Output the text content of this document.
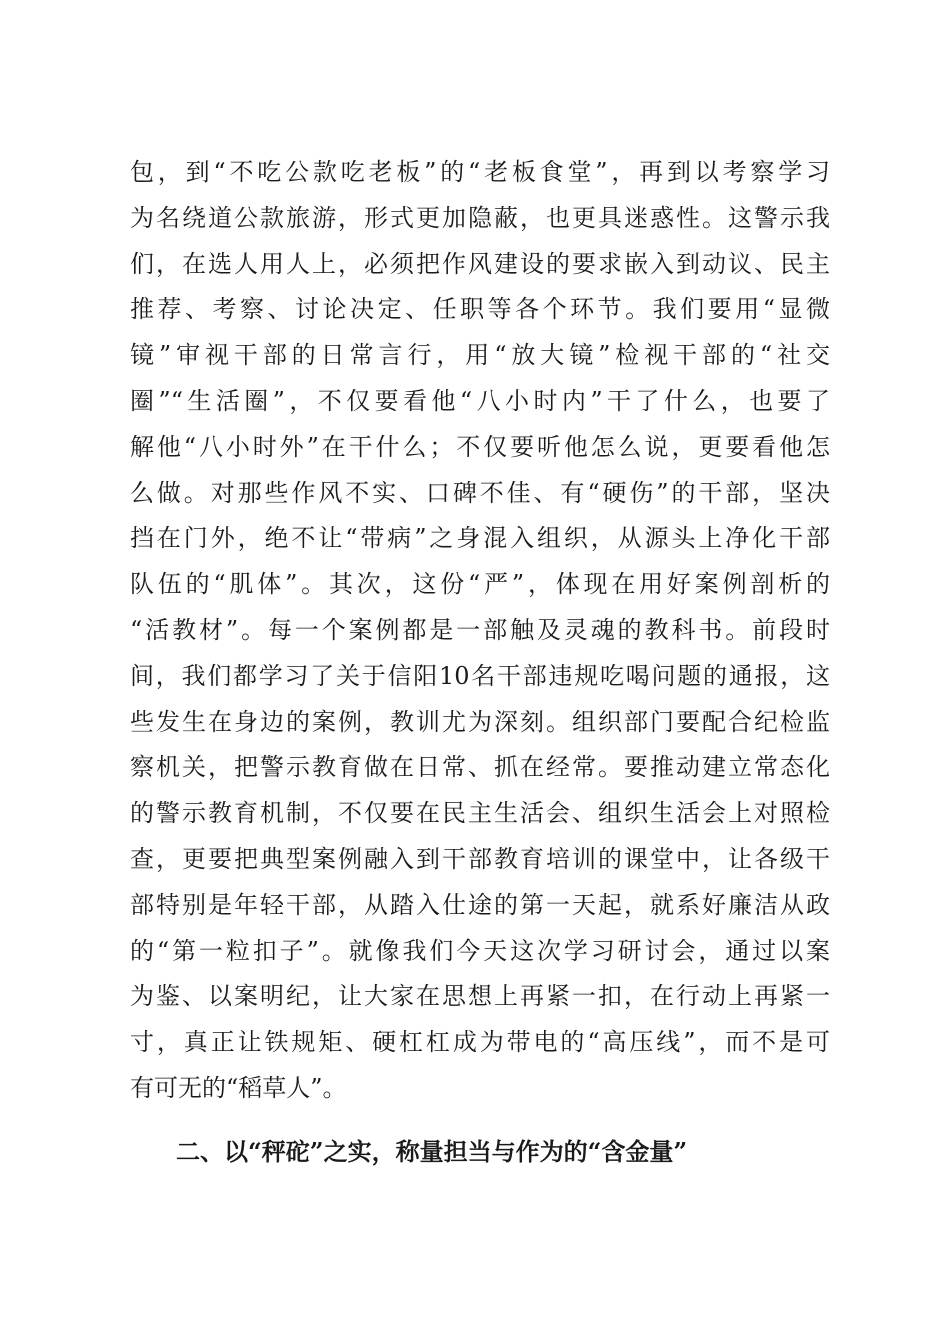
包，到“不吃公款吃老板”的“老板食堂”，再到以考察学习
为名绕道公款旅游，形式更加隐蔽，也更具迷惑性。这警示我
们，在选人用人上，必须把作风建设的要求嵌入到动议、民主
推荐、考察、讨论决定、任职等各个环节。我们要用“显微
镜”审视干部的日常言行，用“放大镜”检视干部的“社交
圈”“生活圈”，不仅要看他“八小时内”干了什么，也要了
解他“八小时外”在干什么；不仅要听他怎么说，更要看他怎
么做。对那些作风不实、口碑不佳、有“硬伤”的干部，坚决
挡在门外，绝不让“带病”之身混入组织，从源头上净化干部
队伍的“肌体”。其次，这份“严”，体现在用好案例剖析的
“活教材”。每一个案例都是一部触及灵魂的教科书。前段时
间，我们都学习了关于信阳10名干部违规吃喝问题的通报，这
些发生在身边的案例，教训尤为深刻。组织部门要配合纪检监
察机关，把警示教育做在日常、抓在经常。要推动建立常态化
的警示教育机制，不仅要在民主生活会、组织生活会上对照检
查，更要把典型案例融入到干部教育培训的课堂中，让各级干
部特别是年轻干部，从踏入仕途的第一天起，就系好廉洁从政
的“第一粒扣子”。就像我们今天这次学习研讨会，通过以案
为鉴、以案明纪，让大家在思想上再紧一扣，在行动上再紧一
寸，真正让铁规矩、硬杠杠成为带电的“高压线”，而不是可
有可无的“稻草人”。
二、以“秤砣”之实，称量担当与作为的“含金量”
